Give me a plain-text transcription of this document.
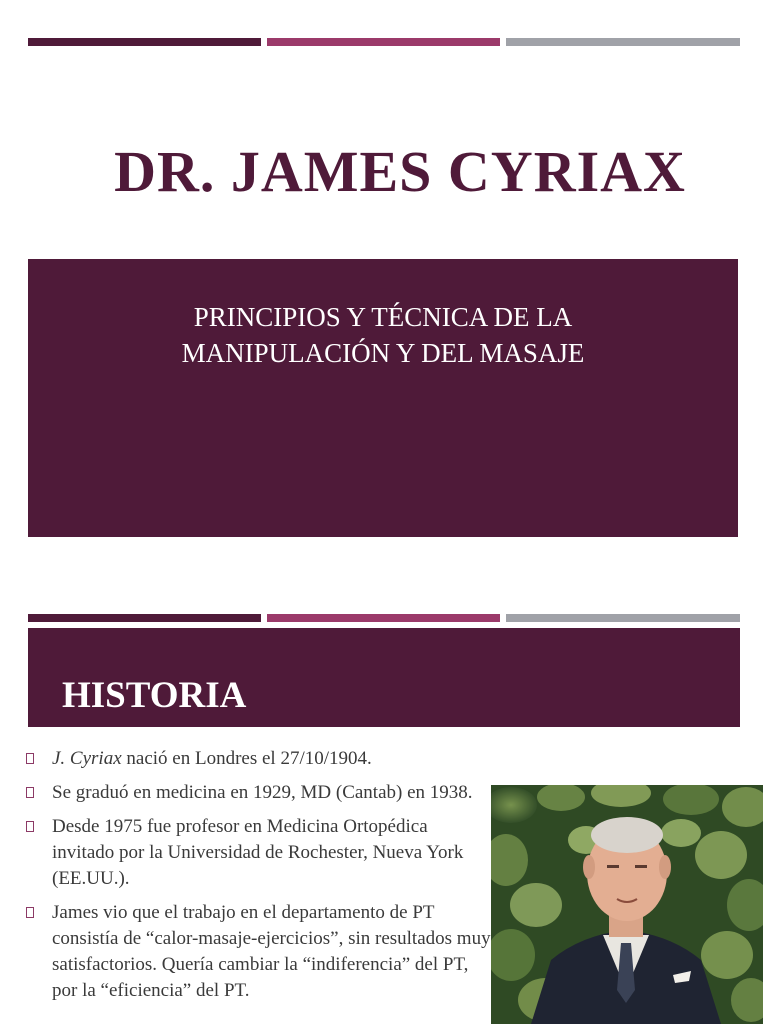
DR. JAMES CYRIAX
PRINCIPIOS Y TÉCNICA DE LA
MANIPULACIÓN Y DEL MASAJE
HISTORIA
J. Cyriax nació en Londres el 27/10/1904.
Se graduó en medicina en 1929, MD (Cantab) en 1938.
Desde 1975 fue profesor en Medicina Ortopédica invitado por la Universidad de Rochester, Nueva York (EE.UU.).
James vio que el trabajo en el departamento de PT consistía de “calor-masaje-ejercicios”, sin resultados muy satisfactorios. Quería cambiar la “indiferencia” del PT, por la “eficiencia” del PT.
